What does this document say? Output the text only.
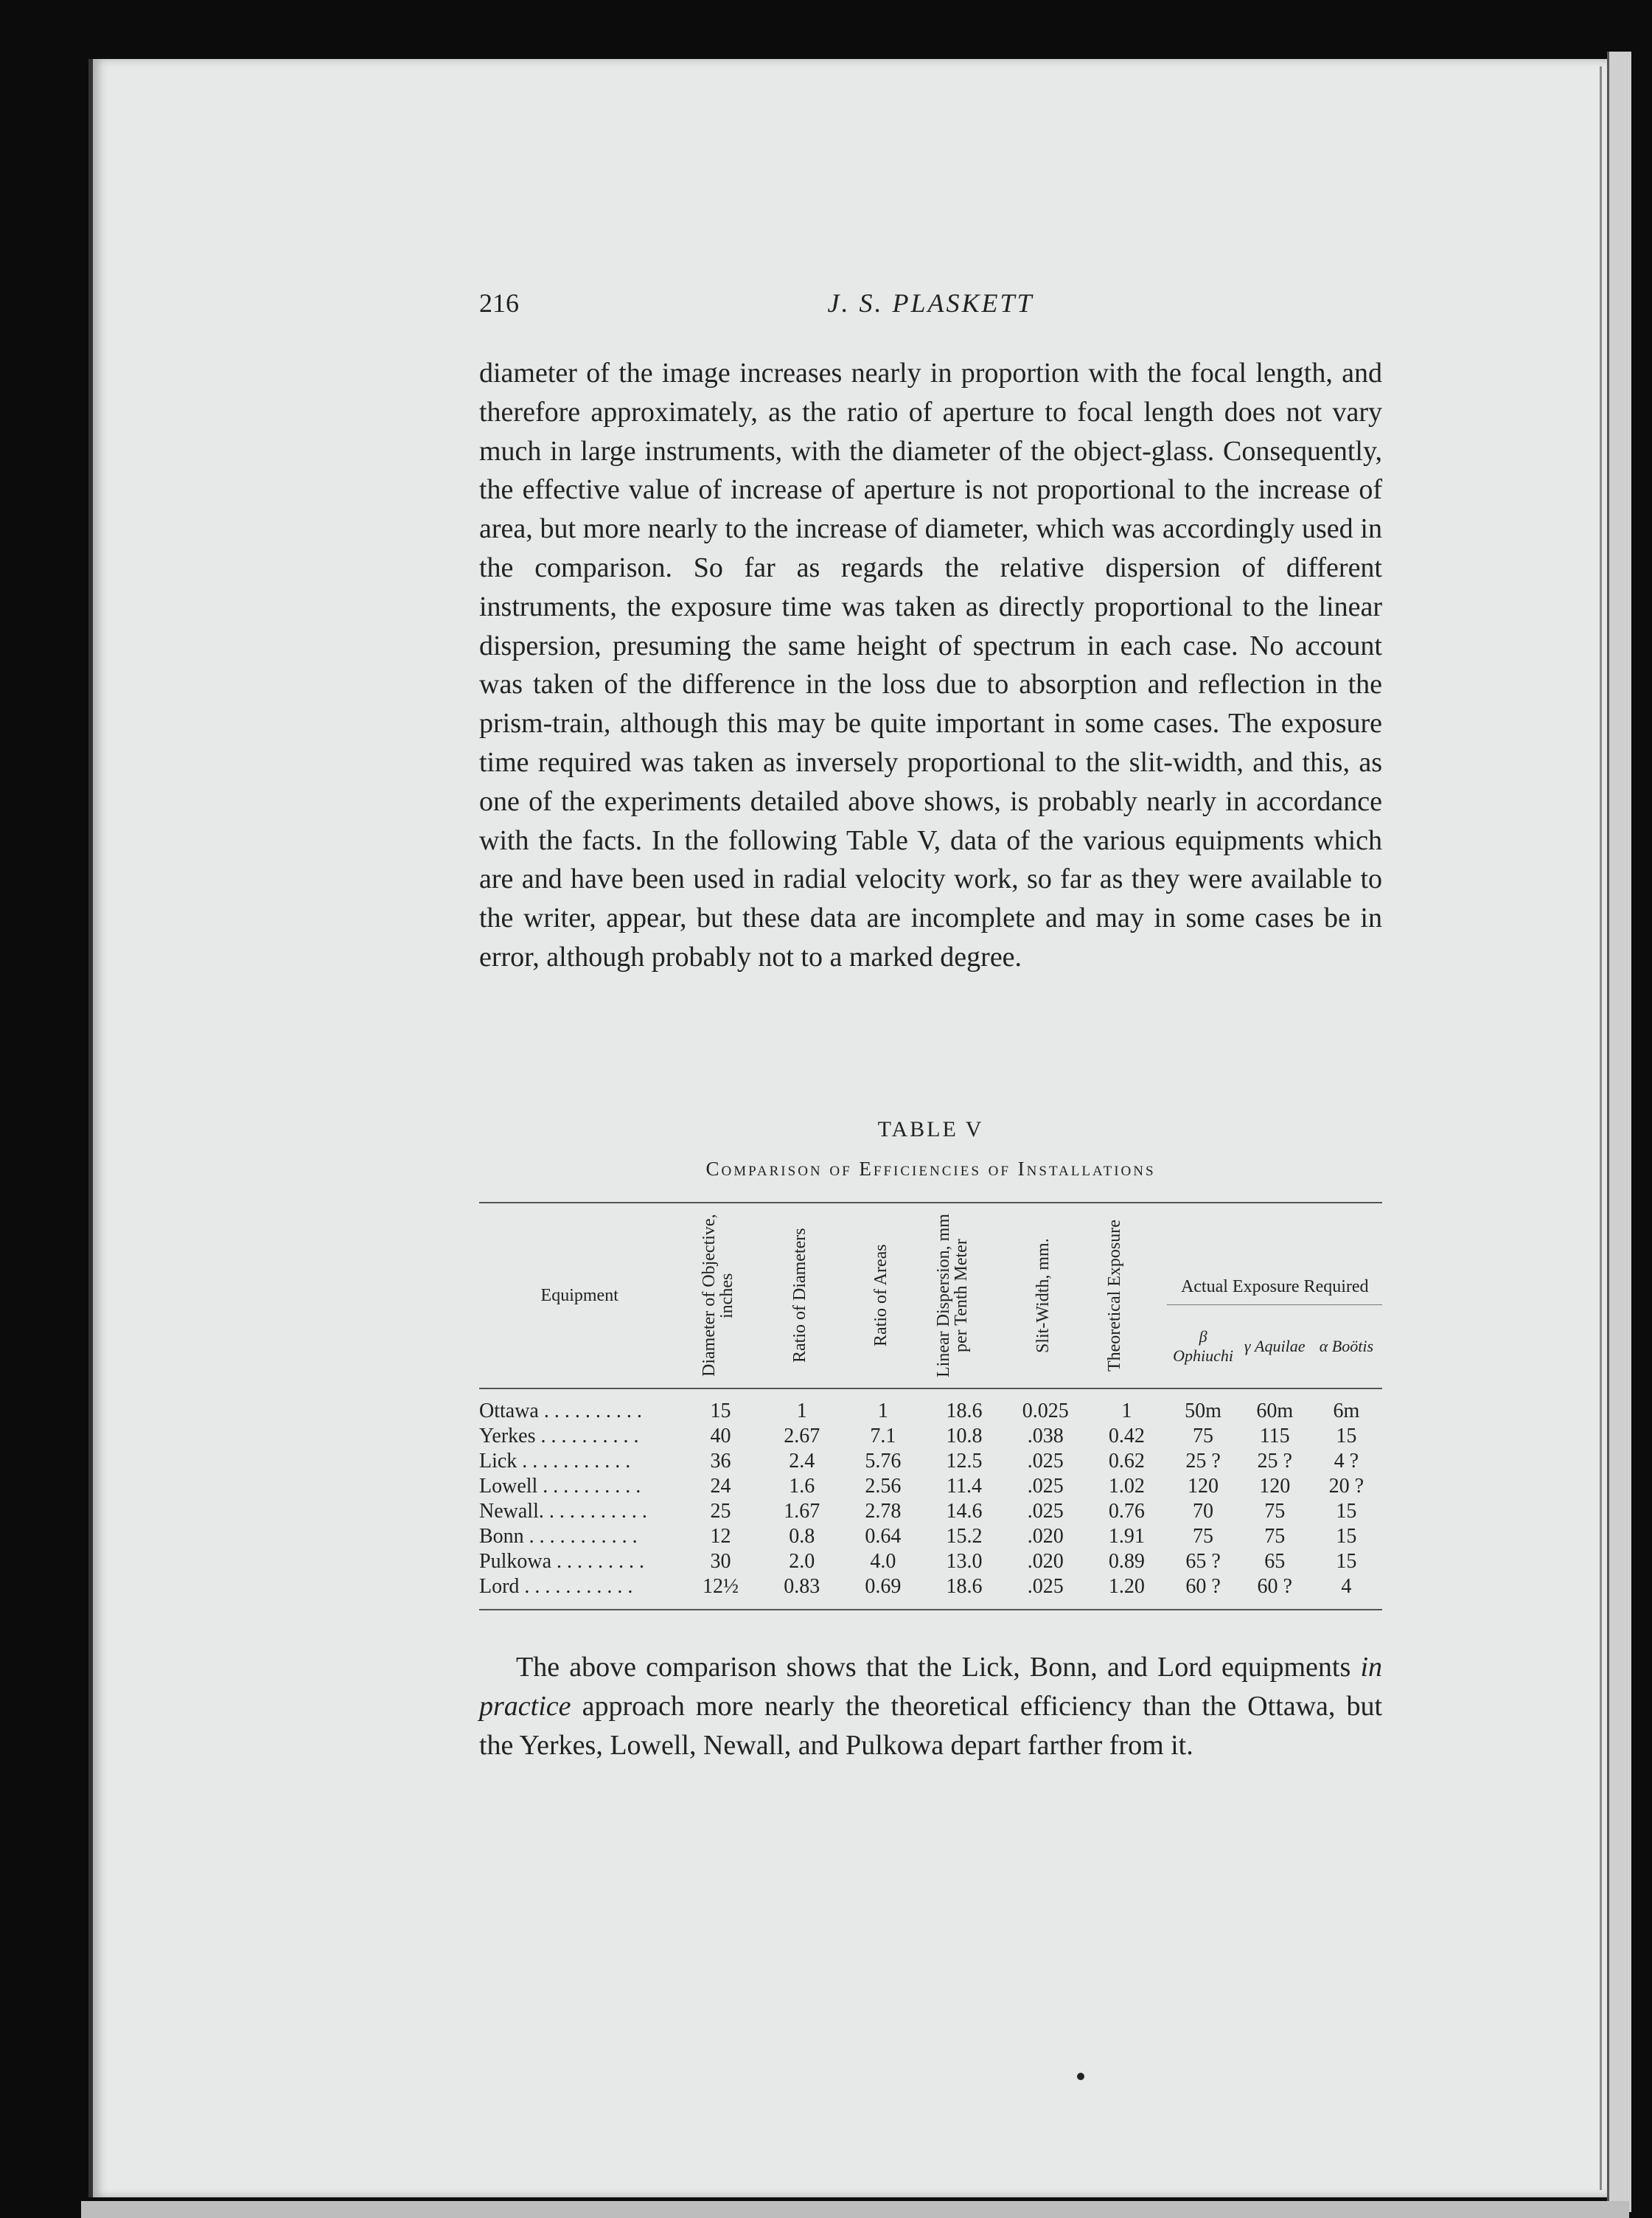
216	J. S. PLASKETT
diameter of the image increases nearly in proportion with the focal length, and therefore approximately, as the ratio of aperture to focal length does not vary much in large instruments, with the diameter of the object-glass. Consequently, the effective value of increase of aperture is not proportional to the increase of area, but more nearly to the increase of diameter, which was accordingly used in the comparison. So far as regards the relative dispersion of different instruments, the exposure time was taken as directly proportional to the linear dispersion, presuming the same height of spectrum in each case. No account was taken of the difference in the loss due to absorption and reflection in the prism-train, although this may be quite important in some cases. The exposure time required was taken as inversely proportional to the slit-width, and this, as one of the experiments detailed above shows, is probably nearly in accordance with the facts. In the following Table V, data of the various equipments which are and have been used in radial velocity work, so far as they were available to the writer, appear, but these data are incomplete and may in some cases be in error, although probably not to a marked degree.
TABLE V
Comparison of Efficiencies of Installations
Equipment	Diameter of Objective, inches	Ratio of Diameters	Ratio of Areas	Linear Dispersion, mm per Tenth Meter	Slit-Width, mm.	Theoretical Exposure	Actual Exposure Required		
							β Ophiuchi	γ Aquilae	α Boötis
Ottawa . . . . . . . . . .	15	1	1	18.6	0.025	1	50m	60m	6m
Yerkes . . . . . . . . . .	40	2.67	7.1	10.8	.038	0.42	75	115	15
Lick . . . . . . . . . . .	36	2.4	5.76	12.5	.025	0.62	25 ?	25 ?	4 ?
Lowell . . . . . . . . . .	24	1.6	2.56	11.4	.025	1.02	120	120	20 ?
Newall. . . . . . . . . . .	25	1.67	2.78	14.6	.025	0.76	70	75	15
Bonn . . . . . . . . . . .	12	0.8	0.64	15.2	.020	1.91	75	75	15
Pulkowa . . . . . . . . .	30	2.0	4.0	13.0	.020	0.89	65 ?	65	15
Lord . . . . . . . . . . .	12½	0.83	0.69	18.6	.025	1.20	60 ?	60 ?	4
The above comparison shows that the Lick, Bonn, and Lord equipments in practice approach more nearly the theoretical efficiency than the Ottawa, but the Yerkes, Lowell, Newall, and Pulkowa depart farther from it.
